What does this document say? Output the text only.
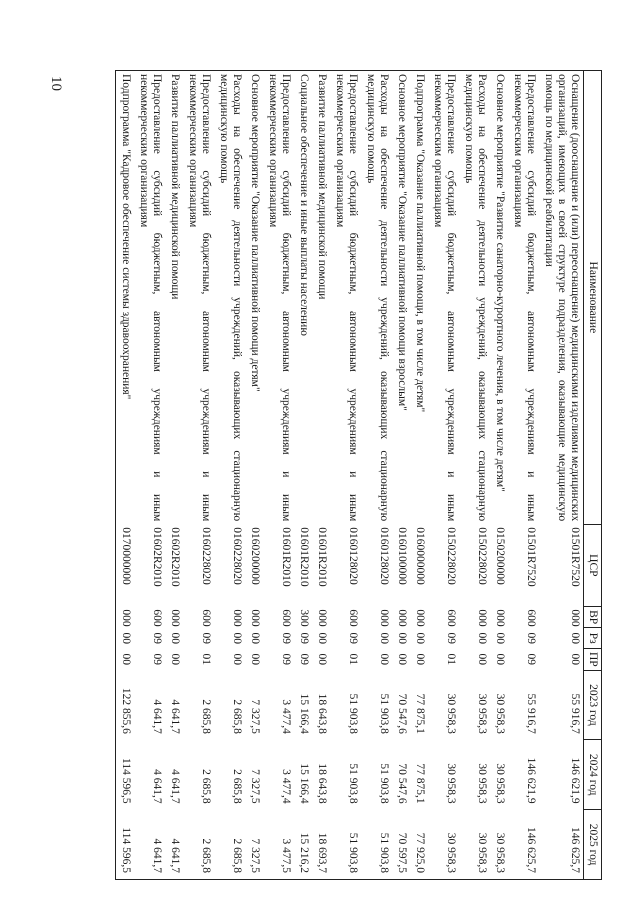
10
Наименование	ЦСР	ВР	Рз	ПР	2023 год	2024 год	2025 год
Оснащение (дооснащение и (или) переоснащение) медицинскими изделиями медицинских организаций, имеющих в своей структуре подразделения, оказывающие медицинскую помощь по медицинской реабилитации	01501R7520	000	00	00	55 916,7	146 621,9	146 625,7
Предоставление субсидий бюджетным, автономным учреждениям и иным некоммерческим организациям	01501R7520	600	09	09	55 916,7	146 621,9	146 625,7
Основное мероприятие "Развитие санаторно-курортного лечения, в том числе детям"	0150200000	000	00	00	30 958,3	30 958,3	30 958,3
Расходы на обеспечение деятельности учреждений, оказывающих стационарную медицинскую помощь	0150228020	000	00	00	30 958,3	30 958,3	30 958,3
Предоставление субсидий бюджетным, автономным учреждениям и иным некоммерческим организациям	0150228020	600	09	01	30 958,3	30 958,3	30 958,3
Подпрограмма "Оказание паллиативной помощи, в том числе детям"	0160000000	000	00	00	77 875,1	77 875,1	77 925,0
Основное мероприятие "Оказание паллиативной помощи взрослым"	0160100000	000	00	00	70 547,6	70 547,6	70 597,5
Расходы на обеспечение деятельности учреждений, оказывающих стационарную медицинскую помощь	0160128020	000	00	00	51 903,8	51 903,8	51 903,8
Предоставление субсидий бюджетным, автономным учреждениям и иным некоммерческим организациям	0160128020	600	09	01	51 903,8	51 903,8	51 903,8
Развитие паллиативной медицинской помощи	01601R2010	000	00	00	18 643,8	18 643,8	18 693,7
Социальное обеспечение и иные выплаты населению	01601R2010	300	09	09	15 166,4	15 166,4	15 216,2
Предоставление субсидий бюджетным, автономным учреждениям и иным некоммерческим организациям	01601R2010	600	09	09	3 477,4	3 477,4	3 477,5
Основное мероприятие "Оказание паллиативной помощи детям"	0160200000	000	00	00	7 327,5	7 327,5	7 327,5
Расходы на обеспечение деятельности учреждений, оказывающих стационарную медицинскую помощь	0160228020	000	00	00	2 685,8	2 685,8	2 685,8
Предоставление субсидий бюджетным, автономным учреждениям и иным некоммерческим организациям	0160228020	600	09	01	2 685,8	2 685,8	2 685,8
Развитие паллиативной медицинской помощи	01602R2010	000	00	00	4 641,7	4 641,7	4 641,7
Предоставление субсидий бюджетным, автономным учреждениям и иным некоммерческим организациям	01602R2010	600	09	09	4 641,7	4 641,7	4 641,7
Подпрограмма "Кадровое обеспечение системы здравоохранения"	0170000000	000	00	00	122 855,6	114 596,5	114 596,5
